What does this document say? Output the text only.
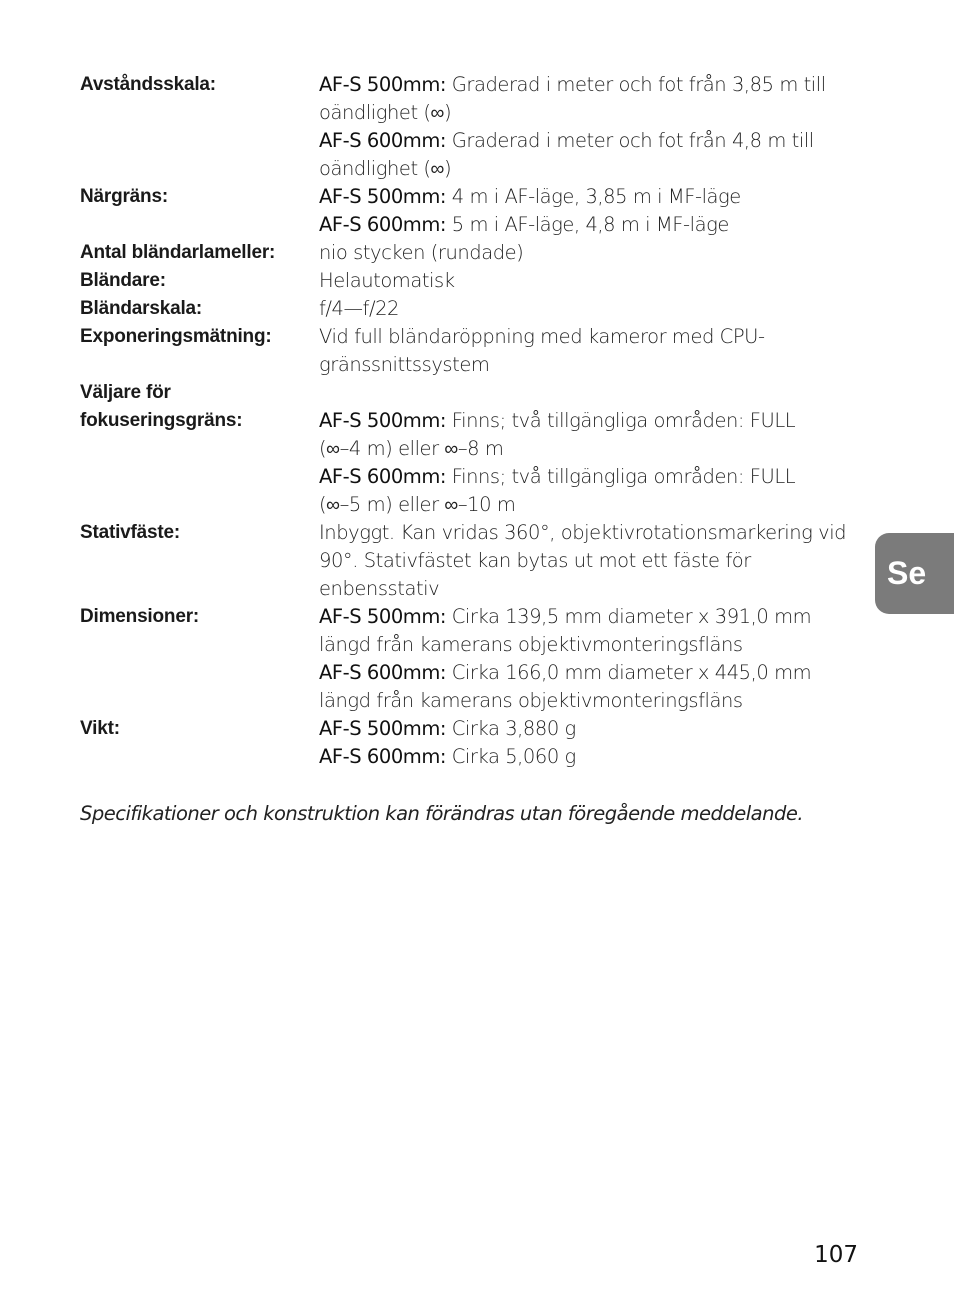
Avståndsskala:	AF-S 500mm: Graderad i meter och fot från 3,85 m till
oändlighet (∞)
AF-S 600mm: Graderad i meter och fot från 4,8 m till
oändlighet (∞)
Närgräns:	AF-S 500mm: 4 m i AF-läge, 3,85 m i MF-läge
AF-S 600mm: 5 m i AF-läge, 4,8 m i MF-läge
Antal bländarlameller:	nio stycken (rundade)
Bländare:	Helautomatisk
Bländarskala:	f/4—f/22
Exponeringsmätning:	Vid full bländaröppning med kameror med CPU-
gränssnittssystem
Väljare för

fokuseringsgräns:	AF-S 500mm: Finns; två tillgängliga områden: FULL
(∞–4 m) eller ∞–8 m
AF-S 600mm: Finns; två tillgängliga områden: FULL
(∞–5 m) eller ∞–10 m
Stativfäste:	Inbyggt. Kan vridas 360°, objektivrotationsmarkering vid
90°. Stativfästet kan bytas ut mot ett fäste för
enbensstativ
Dimensioner:	AF-S 500mm: Cirka 139,5 mm diameter x 391,0 mm
längd från kamerans objektivmonteringsfläns
AF-S 600mm: Cirka 166,0 mm diameter x 445,0 mm
längd från kamerans objektivmonteringsfläns
Vikt:	AF-S 500mm: Cirka 3,880 g
AF-S 600mm: Cirka 5,060 g
Specifikationer och konstruktion kan förändras utan föregående meddelande.
Se
107
